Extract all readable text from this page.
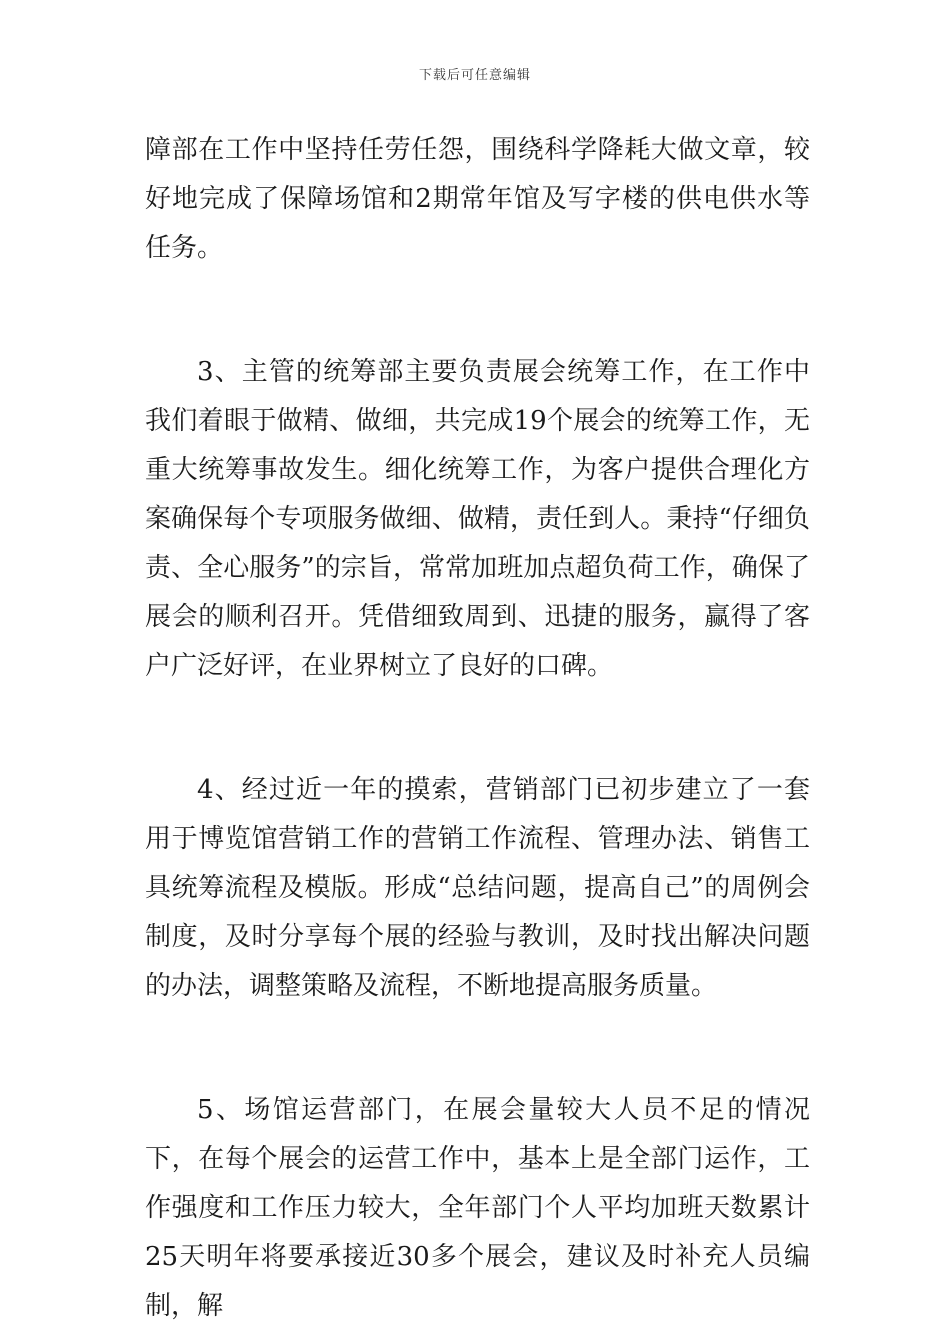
下载后可任意编辑

障部在工作中坚持任劳任怨，围绕科学降耗大做文章，较好地完成了保障场馆和2期常年馆及写字楼的供电供水等任务。

3、主管的统筹部主要负责展会统筹工作，在工作中我们着眼于做精、做细，共完成19个展会的统筹工作，无重大统筹事故发生。细化统筹工作，为客户提供合理化方案确保每个专项服务做细、做精，责任到人。秉持“仔细负责、全心服务”的宗旨，常常加班加点超负荷工作，确保了展会的顺利召开。凭借细致周到、迅捷的服务，赢得了客户广泛好评，在业界树立了良好的口碑。

4、经过近一年的摸索，营销部门已初步建立了一套用于博览馆营销工作的营销工作流程、管理办法、销售工具统筹流程及模版。形成“总结问题，提高自己”的周例会制度，及时分享每个展的经验与教训，及时找出解决问题的办法，调整策略及流程，不断地提高服务质量。

5、场馆运营部门，在展会量较大人员不足的情况下，在每个展会的运营工作中，基本上是全部门运作，工作强度和工作压力较大，全年部门个人平均加班天数累计25天明年将要承接近30多个展会，建议及时补充人员编制，解
